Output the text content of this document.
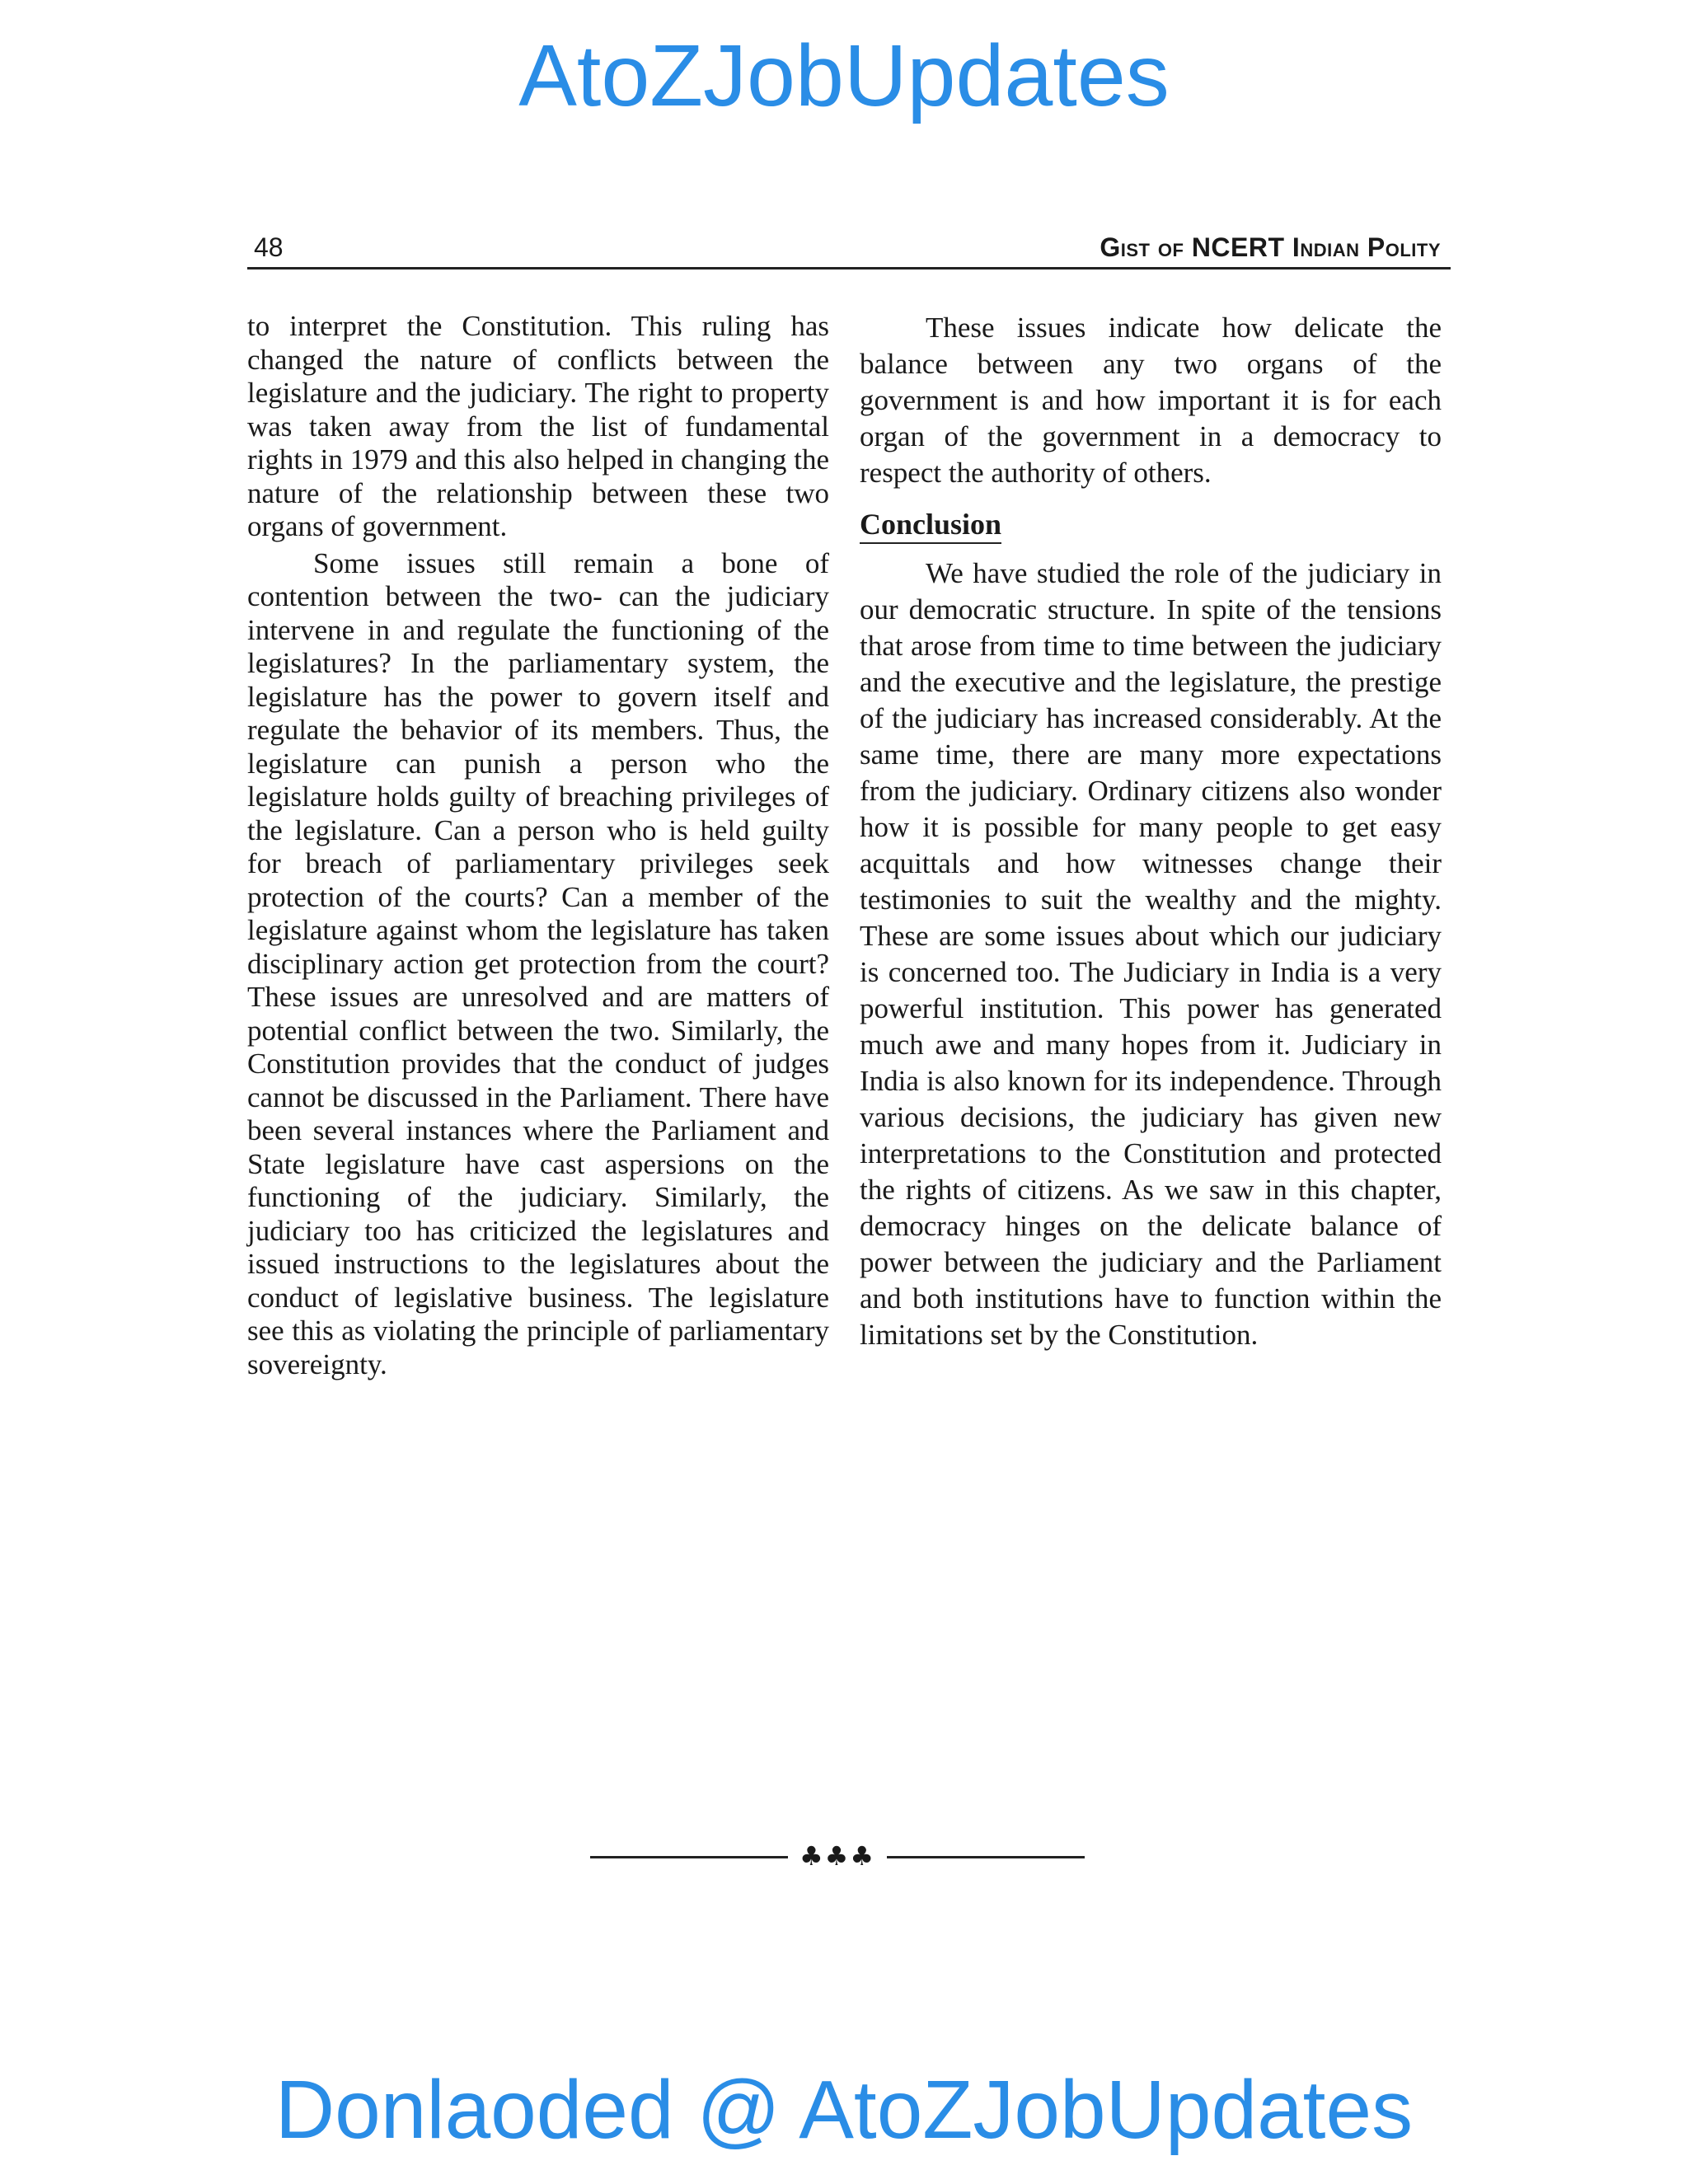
AtoZJobUpdates
48	Gist of NCERT Indian Polity

to interpret the Constitution. This ruling has changed the nature of conflicts between the legislature and the judiciary. The right to property was taken away from the list of fundamental rights in 1979 and this also helped in changing the nature of the relationship between these two organs of government.

Some issues still remain a bone of contention between the two- can the judiciary intervene in and regulate the functioning of the legislatures? In the parliamentary system, the legislature has the power to govern itself and regulate the behavior of its members. Thus, the legislature can punish a person who the legislature holds guilty of breaching privileges of the legislature. Can a person who is held guilty for breach of parliamentary privileges seek protection of the courts? Can a member of the legislature against whom the legislature has taken disciplinary action get protection from the court? These issues are unresolved and are matters of potential conflict between the two. Similarly, the Constitution provides that the conduct of judges cannot be discussed in the Parliament. There have been several instances where the Parliament and State legislature have cast aspersions on the functioning of the judiciary. Similarly, the judiciary too has criticized the legislatures and issued instructions to the legislatures about the conduct of legislative business. The legislature see this as violating the principle of parliamentary sovereignty.

These issues indicate how delicate the balance between any two organs of the government is and how important it is for each organ of the government in a democracy to respect the authority of others.

Conclusion

We have studied the role of the judiciary in our democratic structure. In spite of the tensions that arose from time to time between the judiciary and the executive and the legislature, the prestige of the judiciary has increased considerably. At the same time, there are many more expectations from the judiciary. Ordinary citizens also wonder how it is possible for many people to get easy acquittals and how witnesses change their testimonies to suit the wealthy and the mighty. These are some issues about which our judiciary is concerned too. The Judiciary in India is a very powerful institution. This power has generated much awe and many hopes from it. Judiciary in India is also known for its independence. Through various decisions, the judiciary has given new interpretations to the Constitution and protected the rights of citizens. As we saw in this chapter, democracy hinges on the delicate balance of power between the judiciary and the Parliament and both institutions have to function within the limitations set by the Constitution.

♣♣♣
Donlaoded @ AtoZJobUpdates
